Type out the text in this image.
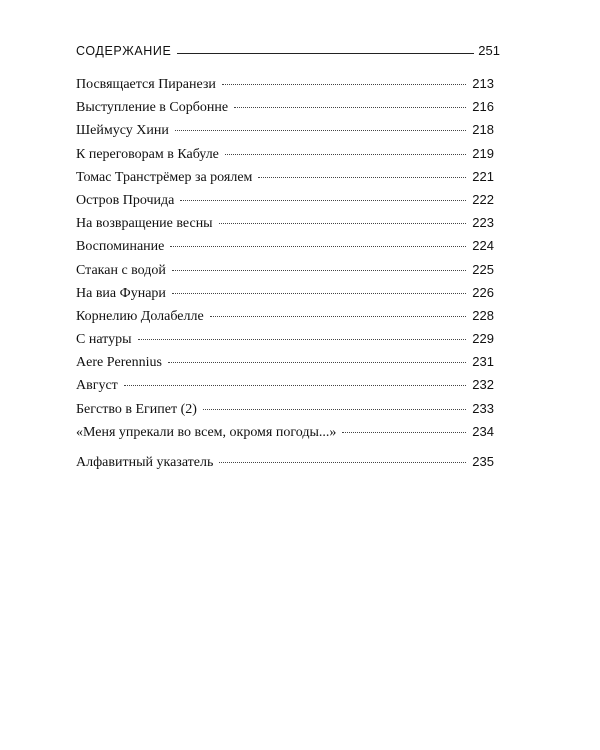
СОДЕРЖАНИЕ	251
Посвящается Пиранези	213
Выступление в Сорбонне	216
Шеймусу Хини	218
К переговорам в Кабуле	219
Томас Транстрёмер за роялем	221
Остров Прочида	222
На возвращение весны	223
Воспоминание	224
Стакан с водой	225
На виа Фунари	226
Корнелию Долабелле	228
С натуры	229
Aere Perennius	231
Август	232
Бегство в Египет (2)	233
«Меня упрекали во всем, окромя погоды...»	234
Алфавитный указатель	235
